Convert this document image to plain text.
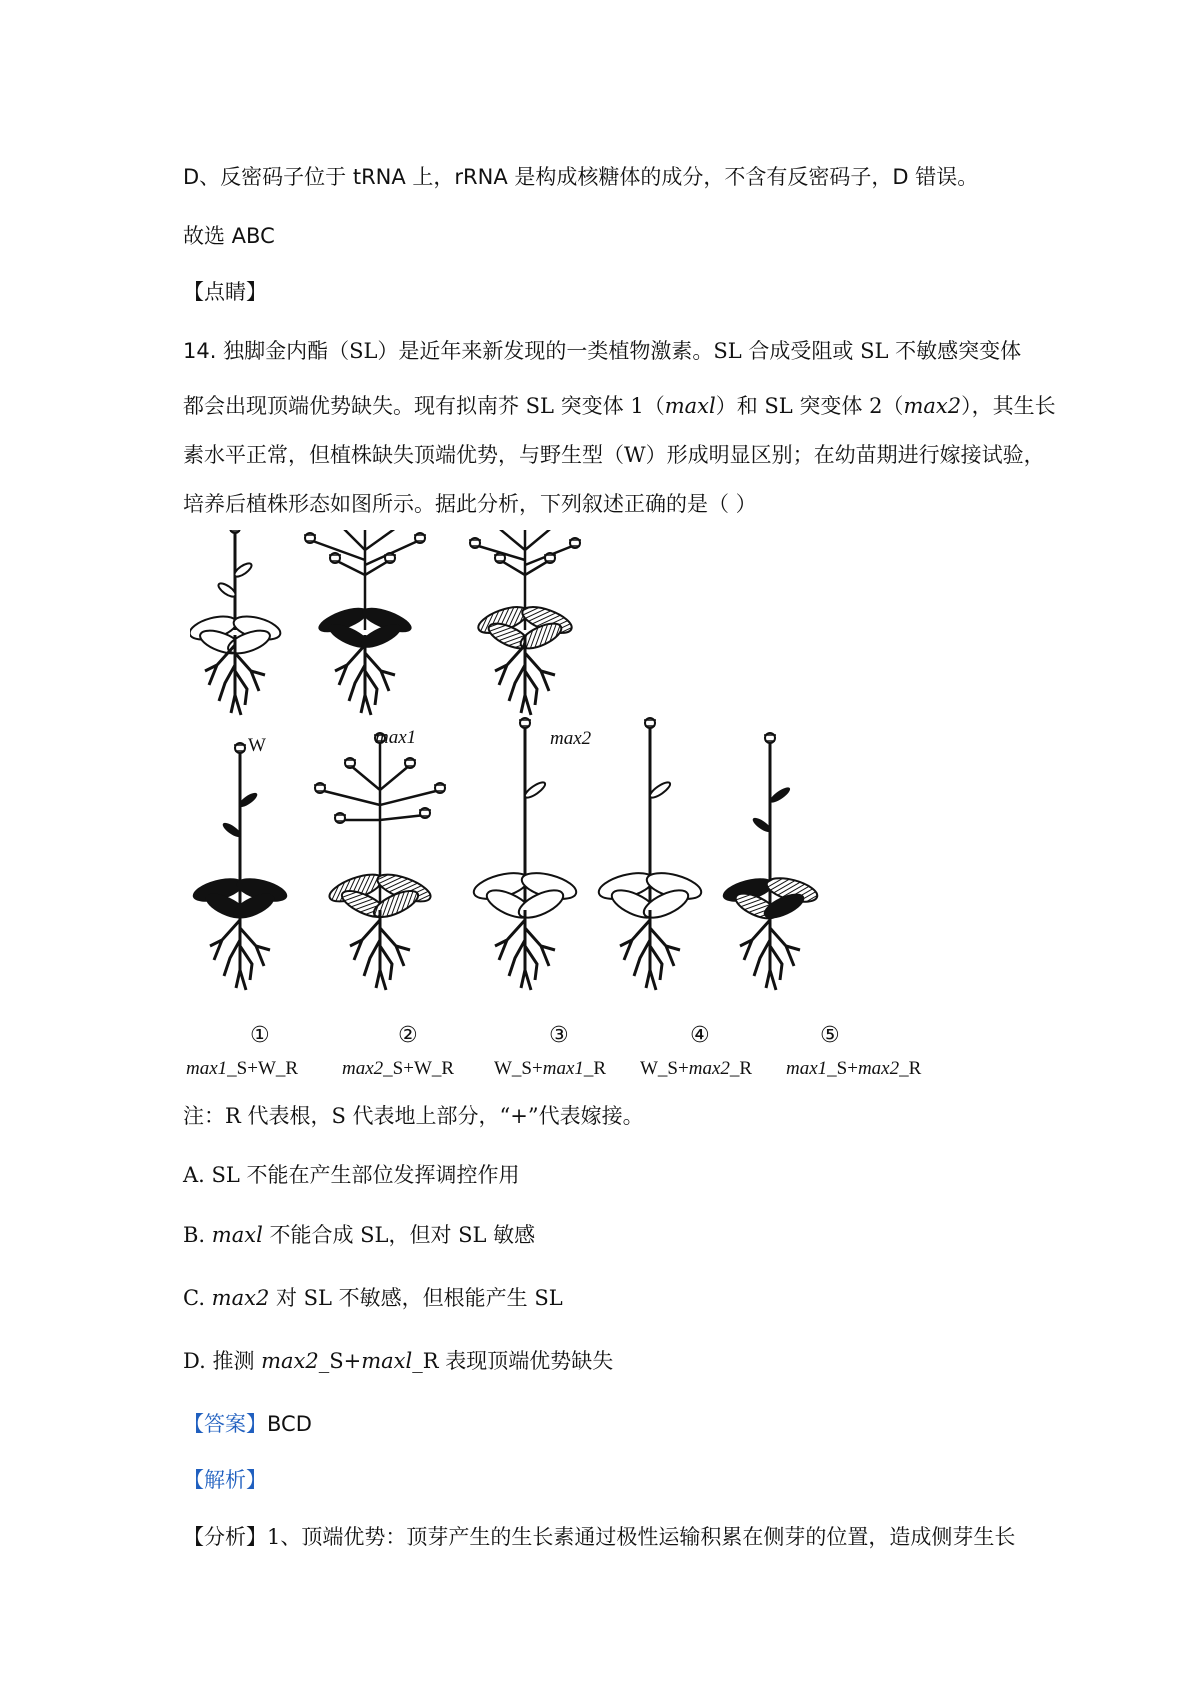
D、反密码子位于 tRNA 上，rRNA 是构成核糖体的成分，不含有反密码子，D 错误。
故选 ABC
【点睛】
14. 独脚金内酯（SL）是近年来新发现的一类植物激素。SL 合成受阻或 SL 不敏感突变体
都会出现顶端优势缺失。现有拟南芥 SL 突变体 1（maxl）和 SL 突变体 2（max2），其生长
素水平正常，但植株缺失顶端优势，与野生型（W）形成明显区别；在幼苗期进行嫁接试验，
培养后植株形态如图所示。据此分析，下列叙述正确的是（ ）
W	max1	max2
①	②	③	④	⑤
max1_S+W_R max2_S+W_R W_S+max1_R W_S+max2_R max1_S+max2_R
注：R 代表根，S 代表地上部分，“+”代表嫁接。
A. SL 不能在产生部位发挥调控作用
B. maxl 不能合成 SL，但对 SL 敏感
C. max2 对 SL 不敏感，但根能产生 SL
D. 推测 max2_S+maxl_R 表现顶端优势缺失
【答案】BCD
【解析】
【分析】1、顶端优势：顶芽产生的生长素通过极性运输积累在侧芽的位置，造成侧芽生长
